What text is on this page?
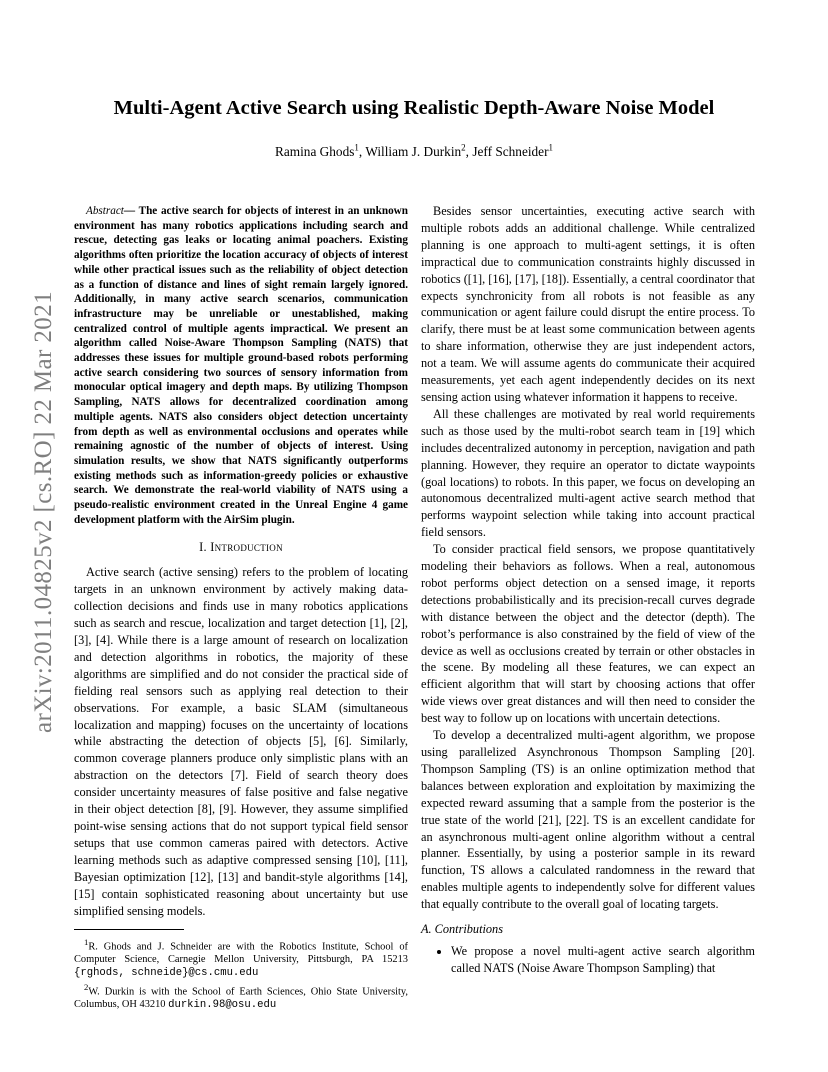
arXiv:2011.04825v2 [cs.RO] 22 Mar 2021
Multi-Agent Active Search using Realistic Depth-Aware Noise Model
Ramina Ghods$^1$, William J. Durkin$^2$, Jeff Schneider$^1$

Abstract— The active search for objects of interest in an unknown environment has many robotics applications including search and rescue, detecting gas leaks or locating animal poachers. Existing algorithms often prioritize the location accuracy of objects of interest while other practical issues such as the reliability of object detection as a function of distance and lines of sight remain largely ignored. Additionally, in many active search scenarios, communication infrastructure may be unreliable or unestablished, making centralized control of multiple agents impractical. We present an algorithm called Noise-Aware Thompson Sampling (NATS) that addresses these issues for multiple ground-based robots performing active search considering two sources of sensory information from monocular optical imagery and depth maps. By utilizing Thompson Sampling, NATS allows for decentralized coordination among multiple agents. NATS also considers object detection uncertainty from depth as well as environmental occlusions and operates while remaining agnostic of the number of objects of interest. Using simulation results, we show that NATS significantly outperforms existing methods such as information-greedy policies or exhaustive search. We demonstrate the real-world viability of NATS using a pseudo-realistic environment created in the Unreal Engine 4 game development platform with the AirSim plugin.

I. Introduction

Active search (active sensing) refers to the problem of locating targets in an unknown environment by actively making data-collection decisions and finds use in many robotics applications such as search and rescue, localization and target detection [1], [2], [3], [4]. While there is a large amount of research on localization and detection algorithms in robotics, the majority of these algorithms are simplified and do not consider the practical side of fielding real sensors such as applying real detection to their observations. For example, a basic SLAM (simultaneous localization and mapping) focuses on the uncertainty of locations while abstracting the detection of objects [5], [6]. Similarly, common coverage planners produce only simplistic plans with an abstraction on the detectors [7]. Field of search theory does consider uncertainty measures of false positive and false negative in their object detection [8], [9]. However, they assume simplified point-wise sensing actions that do not support typical field sensor setups that use common cameras paired with detectors. Active learning methods such as adaptive compressed sensing [10], [11], Bayesian optimization [12], [13] and bandit-style algorithms [14], [15] contain sophisticated reasoning about uncertainty but use simplified sensing models.

$^1$R. Ghods and J. Schneider are with the Robotics Institute, School of Computer Science, Carnegie Mellon University, Pittsburgh, PA 15213 {rghods, schneide}@cs.cmu.edu

$^2$W. Durkin is with the School of Earth Sciences, Ohio State University, Columbus, OH 43210 durkin.98@osu.edu

Besides sensor uncertainties, executing active search with multiple robots adds an additional challenge. While centralized planning is one approach to multi-agent settings, it is often impractical due to communication constraints highly discussed in robotics ([1], [16], [17], [18]). Essentially, a central coordinator that expects synchronicity from all robots is not feasible as any communication or agent failure could disrupt the entire process. To clarify, there must be at least some communication between agents to share information, otherwise they are just independent actors, not a team. We will assume agents do communicate their acquired measurements, yet each agent independently decides on its next sensing action using whatever information it happens to receive.

All these challenges are motivated by real world requirements such as those used by the multi-robot search team in [19] which includes decentralized autonomy in perception, navigation and path planning. However, they require an operator to dictate waypoints (goal locations) to robots. In this paper, we focus on developing an autonomous decentralized multi-agent active search method that performs waypoint selection while taking into account practical field sensors.

To consider practical field sensors, we propose quantitatively modeling their behaviors as follows. When a real, autonomous robot performs object detection on a sensed image, it reports detections probabilistically and its precision-recall curves degrade with distance between the object and the detector (depth). The robot’s performance is also constrained by the field of view of the device as well as occlusions created by terrain or other obstacles in the scene. By modeling all these features, we can expect an efficient algorithm that will start by choosing actions that offer wide views over great distances and will then need to consider the best way to follow up on locations with uncertain detections.

To develop a decentralized multi-agent algorithm, we propose using parallelized Asynchronous Thompson Sampling [20]. Thompson Sampling (TS) is an online optimization method that balances between exploration and exploitation by maximizing the expected reward assuming that a sample from the posterior is the true state of the world [21], [22]. TS is an excellent candidate for an asynchronous multi-agent online algorithm without a central planner. Essentially, by using a posterior sample in its reward function, TS allows a calculated randomness in the reward that enables multiple agents to independently solve for different values that equally contribute to the overall goal of locating targets.

A. Contributions
• We propose a novel multi-agent active search algorithm called NATS (Noise Aware Thompson Sampling) that
